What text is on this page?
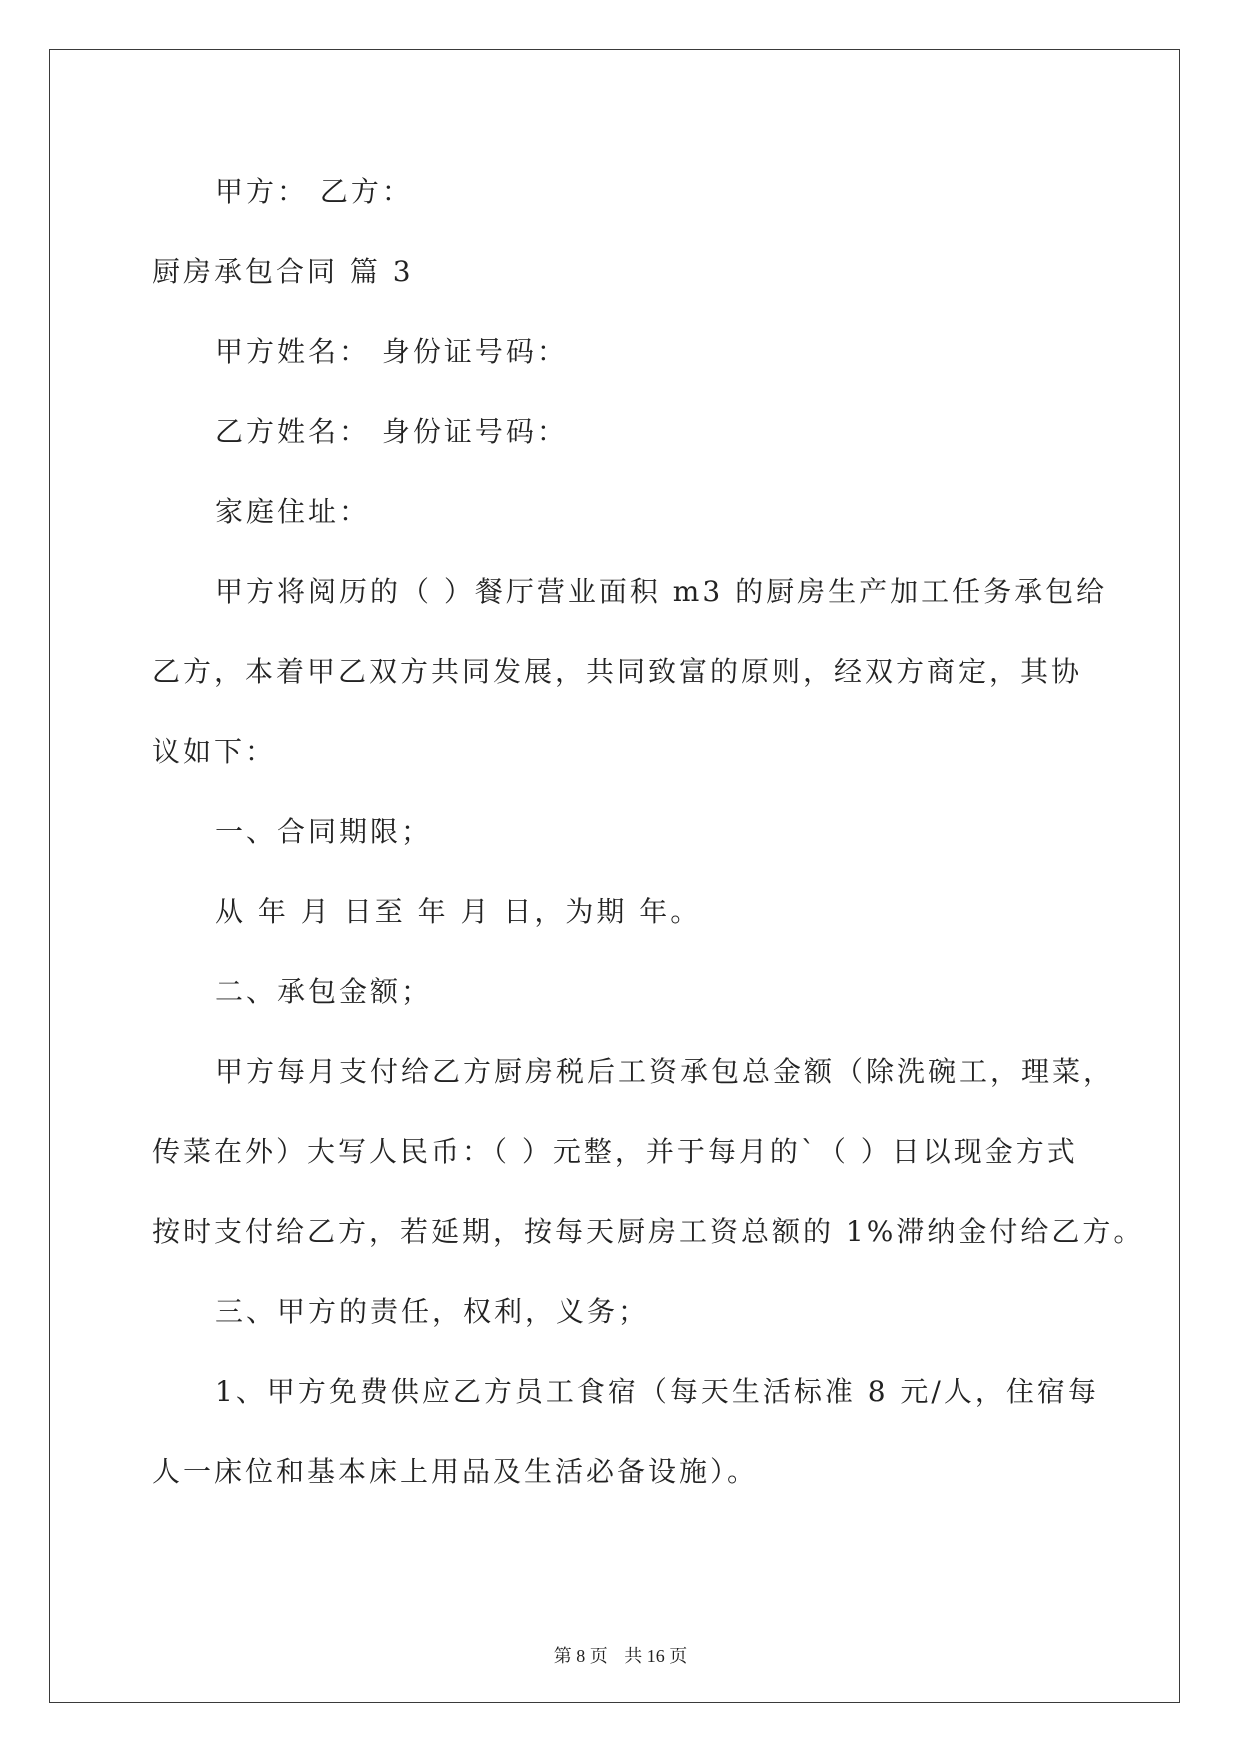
甲方： 乙方：
厨房承包合同 篇 3
甲方姓名： 身份证号码：
乙方姓名： 身份证号码：
家庭住址：
甲方将阅历的（ ）餐厅营业面积 m3 的厨房生产加工任务承包给
乙方，本着甲乙双方共同发展，共同致富的原则，经双方商定，其协
议如下：
一、合同期限；
从 年 月 日至 年 月 日，为期 年。
二、承包金额；
甲方每月支付给乙方厨房税后工资承包总金额（除洗碗工，理菜，
传菜在外）大写人民币：（ ）元整，并于每月的`（ ）日以现金方式
按时支付给乙方，若延期，按每天厨房工资总额的 1%滞纳金付给乙方。
三、甲方的责任，权利，义务；
1、甲方免费供应乙方员工食宿（每天生活标准 8 元/人，住宿每
人一床位和基本床上用品及生活必备设施）。
第 8 页 共 16 页
